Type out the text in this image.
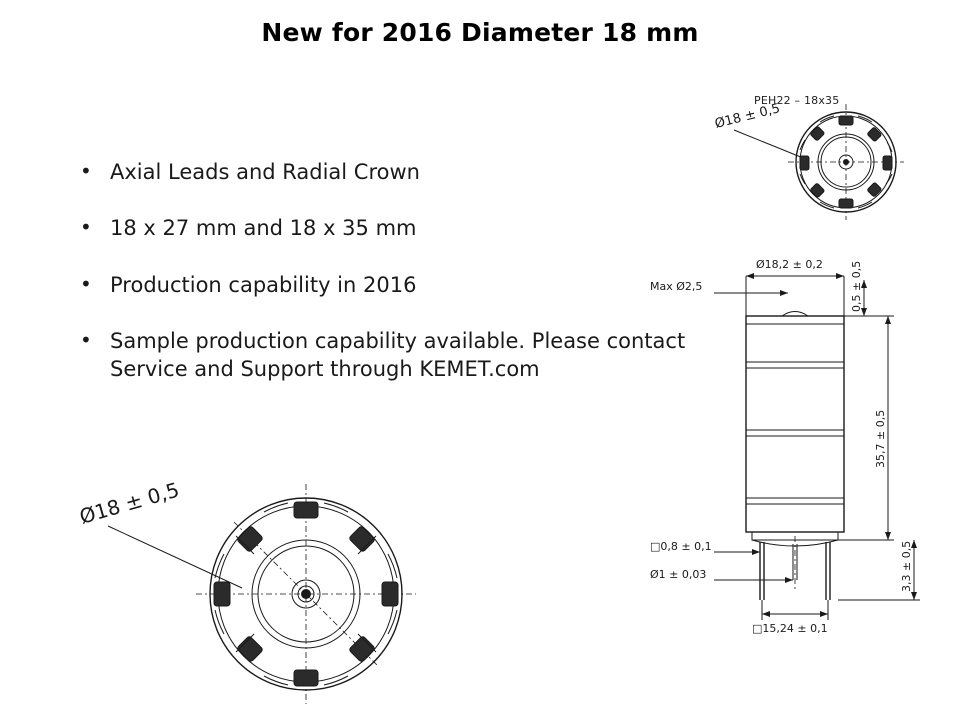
New for 2016 Diameter 18 mm
• Axial Leads and Radial Crown
• 18 x 27 mm and 18 x 35 mm
• Production capability in 2016
• Sample production capability available. Please contact Service and Support through KEMET.com
PEH22 – 18x35
Ø18 ± 0,5
Ø18,2 ± 0,2
Max Ø2,5	0,5 ± 0,5
35,7 ± 0,5
3,3 ± 0,5
□0,8 ± 0,1
Ø1 ± 0,03
□15,24 ± 0,1
Ø18 ± 0,5
